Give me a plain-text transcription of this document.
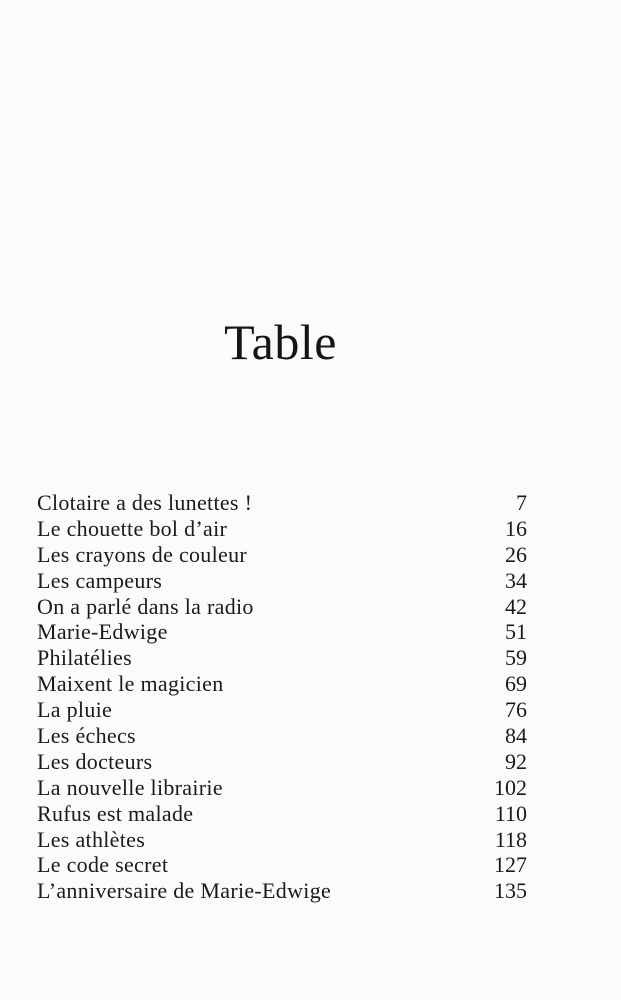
Table
Clotaire a des lunettes !	7
Le chouette bol d’air	16
Les crayons de couleur	26
Les campeurs	34
On a parlé dans la radio	42
Marie-Edwige	51
Philatélies	59
Maixent le magicien	69
La pluie	76
Les échecs	84
Les docteurs	92
La nouvelle librairie	102
Rufus est malade	110
Les athlètes	118
Le code secret	127
L’anniversaire de Marie-Edwige	135
